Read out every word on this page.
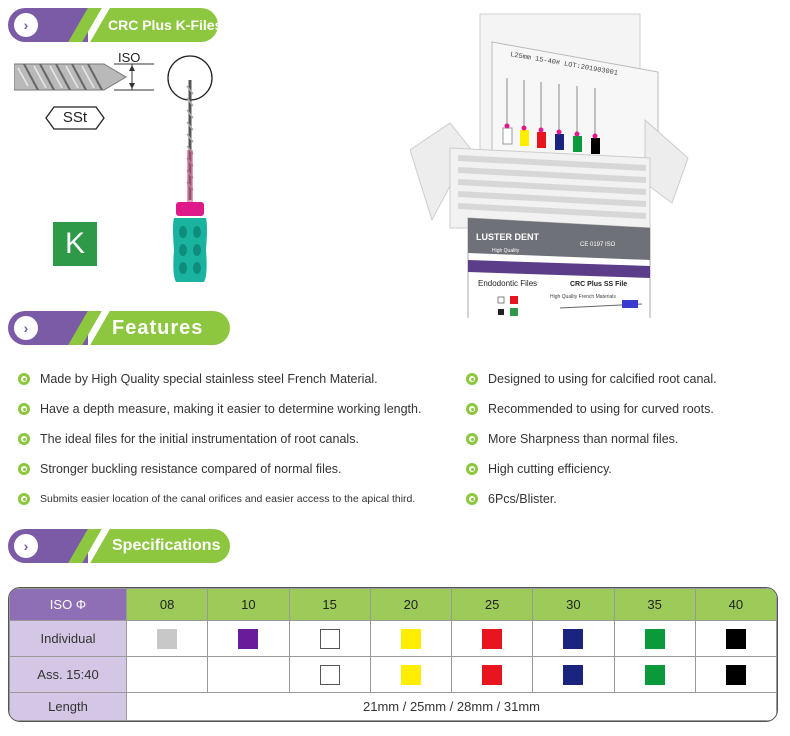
›	CRC Plus K-Files
ISO
SSt
K
L25mm 15-40# LOT:201903001
LUSTER DENT
High Quality
CE 0197 ISO
Endodontic Files	CRC Plus SS File
High Quality French Materials
›	Features
Made by High Quality special stainless steel French Material.
Have a depth measure, making it easier to determine working length.
The ideal files for the initial instrumentation of root canals.
Stronger buckling resistance compared of normal files.
Submits easier location of the canal orifices and easier access to the apical third.
Designed to using for calcified root canal.
Recommended to using for curved roots.
More Sharpness than normal files.
High cutting efficiency.
6Pcs/Blister.
›	Specifications
ISO Φ	08	10	15	20	25	30	35	40
Individual								
Ass. 15:40								
Length	21mm / 25mm / 28mm / 31mm							
